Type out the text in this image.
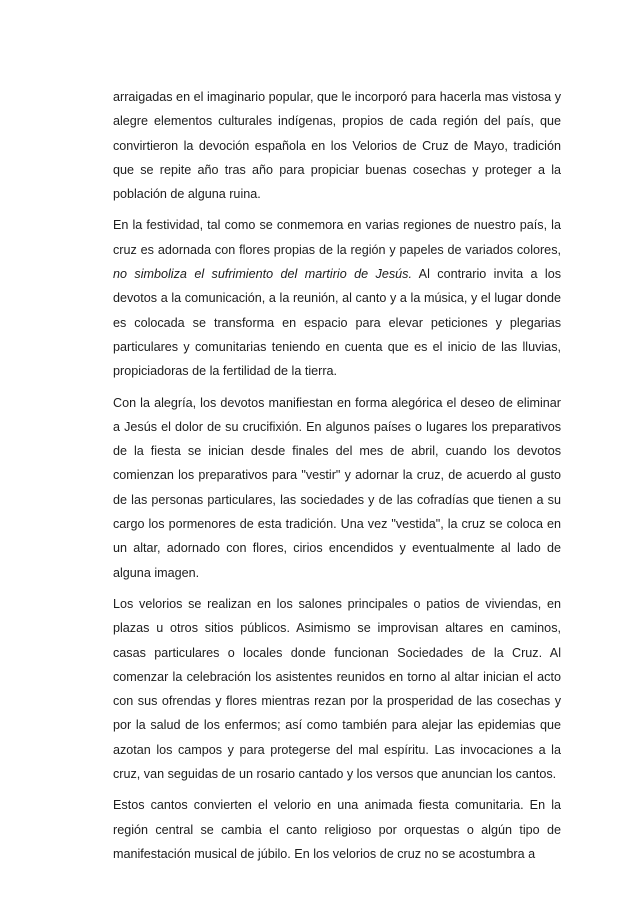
arraigadas en el imaginario popular, que le incorporó para hacerla mas vistosa y alegre elementos culturales indígenas, propios de cada región del país, que convirtieron la devoción española en los Velorios de Cruz de Mayo, tradición que se repite año tras año para propiciar buenas cosechas y proteger a la población de alguna ruina.

En la festividad, tal como se conmemora en varias regiones de nuestro país, la cruz es adornada con flores propias de la región y papeles de variados colores, no simboliza el sufrimiento del martirio de Jesús. Al contrario invita a los devotos a la comunicación, a la reunión, al canto y a la música, y el lugar donde es colocada se transforma en espacio para elevar peticiones y plegarias particulares y comunitarias teniendo en cuenta que es el inicio de las lluvias, propiciadoras de la fertilidad de la tierra.

Con la alegría, los devotos manifiestan en forma alegórica el deseo de eliminar a Jesús el dolor de su crucifixión. En algunos países o lugares los preparativos de la fiesta se inician desde finales del mes de abril, cuando los devotos comienzan los preparativos para "vestir" y adornar la cruz, de acuerdo al gusto de las personas particulares, las sociedades y de las cofradías que tienen a su cargo los pormenores de esta tradición. Una vez "vestida", la cruz se coloca en un altar, adornado con flores, cirios encendidos y eventualmente al lado de alguna imagen.

Los velorios se realizan en los salones principales o patios de viviendas, en plazas u otros sitios públicos. Asimismo se improvisan altares en caminos, casas particulares o locales donde funcionan Sociedades de la Cruz. Al comenzar la celebración los asistentes reunidos en torno al altar inician el acto con sus ofrendas y flores mientras rezan por la prosperidad de las cosechas y por la salud de los enfermos; así como también para alejar las epidemias que azotan los campos y para protegerse del mal espíritu. Las invocaciones a la cruz, van seguidas de un rosario cantado y los versos que anuncian los cantos.

Estos cantos convierten el velorio en una animada fiesta comunitaria. En la región central se cambia el canto religioso por orquestas o algún tipo de manifestación musical de júbilo. En los velorios de cruz no se acostumbra a
